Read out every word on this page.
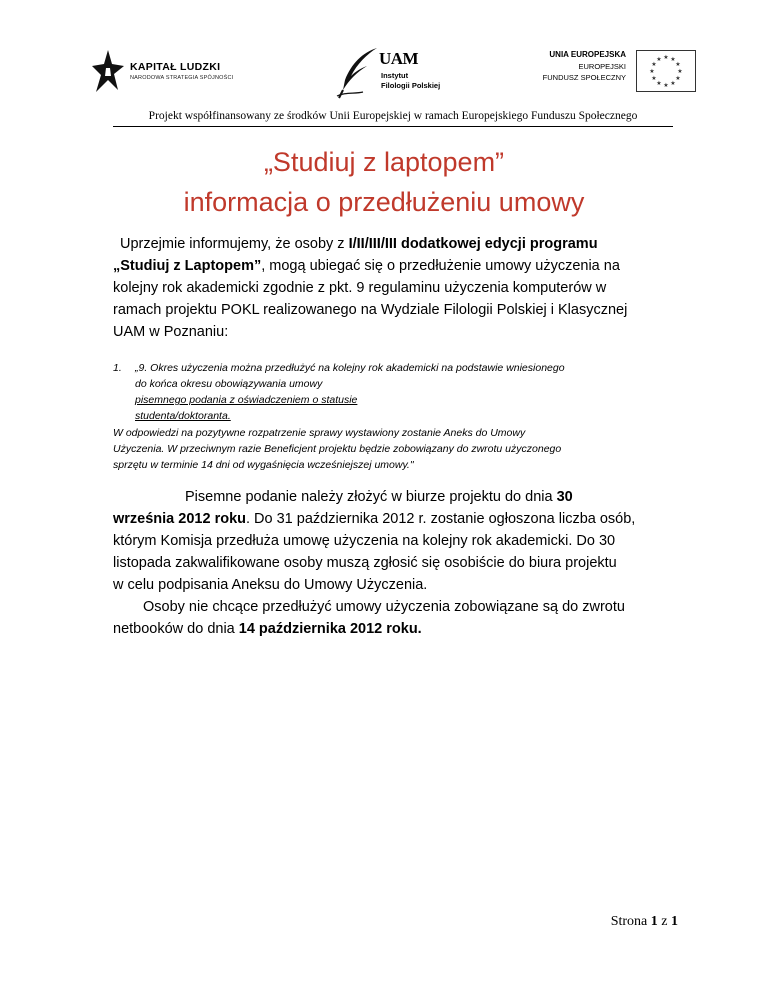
KAPITAŁ LUDZKI
NARODOWA STRATEGIA SPÓJNOŚCI
UAM
Instytut
Filologii Polskiej
UNIA EUROPEJSKA
EUROPEJSKI
FUNDUSZ SPOŁECZNY
★ ★
★
★
★
★
★
★
★
★
★
★
Projekt współfinansowany ze środków Unii Europejskiej w ramach Europejskiego Funduszu Społecznego
„Studiuj z laptopem”
informacja o przedłużeniu umowy
Uprzejmie informujemy, że osoby z I/II/III/III dodatkowej edycji programu
„Studiuj z Laptopem”, mogą ubiegać się o przedłużenie umowy użyczenia na
kolejny rok akademicki zgodnie z pkt. 9 regulaminu użyczenia komputerów w
ramach projektu POKL realizowanego na Wydziale Filologii Polskiej i Klasycznej
UAM w Poznaniu:
1. „9. Okres użyczenia można przedłużyć na kolejny rok akademicki na podstawie wniesionego
do końca okresu obowiązywania umowy
pisemnego podania z oświadczeniem o statusie
studenta/doktoranta.
W odpowiedzi na pozytywne rozpatrzenie sprawy wystawiony zostanie Aneks do Umowy
Użyczenia. W przeciwnym razie Beneficjent projektu będzie zobowiązany do zwrotu użyczonego
sprzętu w terminie 14 dni od wygaśnięcia wcześniejszej umowy."
Pisemne podanie należy złożyć w biurze projektu do dnia 30
września 2012 roku. Do 31 października 2012 r. zostanie ogłoszona liczba osób,
którym Komisja przedłuża umowę użyczenia na kolejny rok akademicki. Do 30
listopada zakwalifikowane osoby muszą zgłosić się osobiście do biura projektu
w celu podpisania Aneksu do Umowy Użyczenia.
Osoby nie chcące przedłużyć umowy użyczenia zobowiązane są do zwrotu
netbooków do dnia 14 października 2012 roku.
Strona 1 z 1
